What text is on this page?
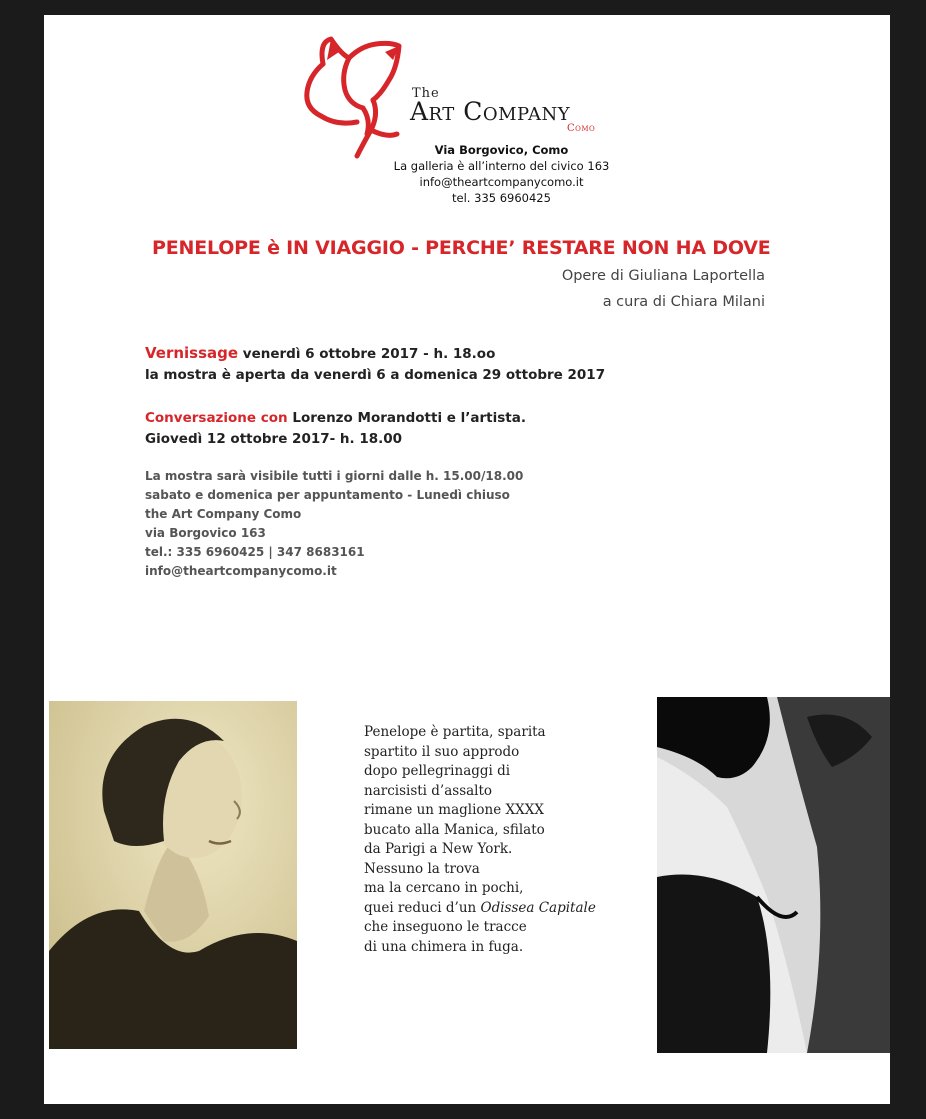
The
Art Company
Como
Via Borgovico, Como
La galleria è all’interno del civico 163
info@theartcompanycomo.it
tel. 335 6960425
PENELOPE è IN VIAGGIO - PERCHE’ RESTARE NON HA DOVE
Opere di Giuliana Laportella
a cura di Chiara Milani
Vernissage venerdì 6 ottobre 2017 - h. 18.oo
la mostra è aperta da venerdì 6 a domenica 29 ottobre 2017
Conversazione con Lorenzo Morandotti e l’artista.
Giovedì 12 ottobre 2017- h. 18.00
La mostra sarà visibile tutti i giorni dalle h. 15.00/18.00
sabato e domenica per appuntamento - Lunedì chiuso
the Art Company Como
via Borgovico 163
tel.: 335 6960425 | 347 8683161
info@theartcompanycomo.it
Penelope è partita, sparita
spartito il suo approdo
dopo pellegrinaggi di
narcisisti d’assalto
rimane un maglione XXXX
bucato alla Manica, sfilato
da Parigi a New York.
Nessuno la trova
ma la cercano in pochi,
quei reduci d’un Odissea Capitale
che inseguono le tracce
di una chimera in fuga.
